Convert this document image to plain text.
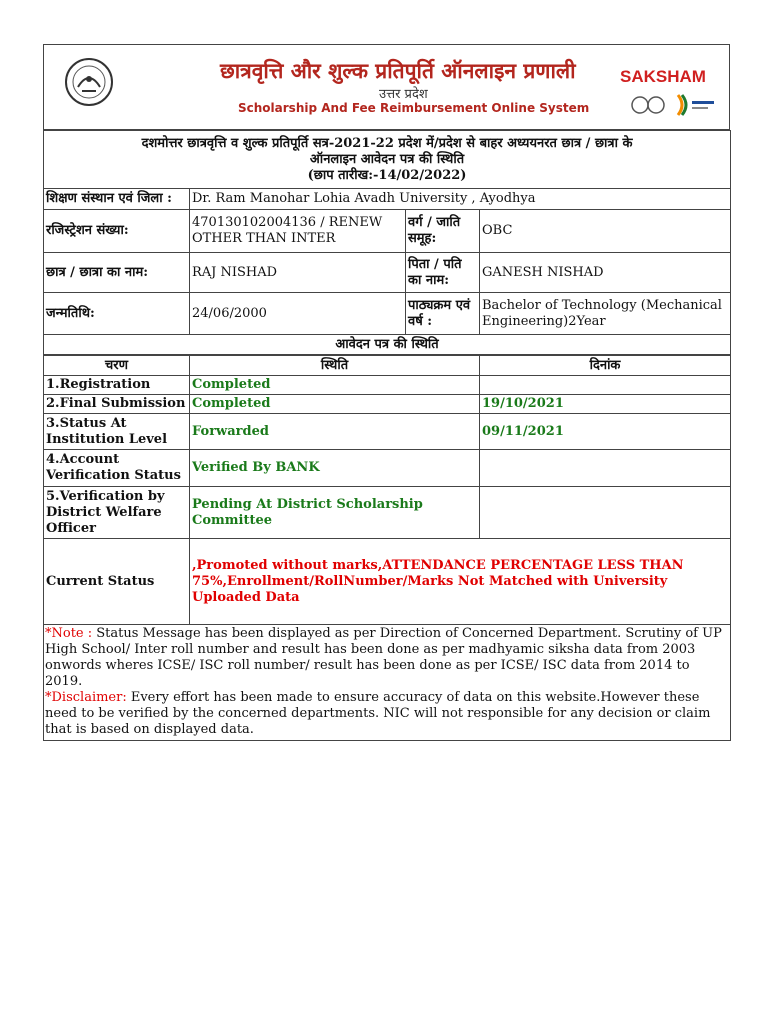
छात्रवृत्ति और शुल्क प्रतिपूर्ति ऑनलाइन प्रणाली
उत्तर प्रदेश
Scholarship And Fee Reimbursement Online System
SAKSHAM
दशमोत्तर छात्रवृत्ति व शुल्क प्रतिपूर्ति सत्र-2021-22 प्रदेश में/प्रदेश से बाहर अध्ययनरत छात्र / छात्रा के
ऑनलाइन आवेदन पत्र की स्थिति
(छाप तारीख:-14/02/2022)			

शिक्षण संस्थान एवं जिला :	Dr. Ram Manohar Lohia Avadh University , Ayodhya		
रजिस्ट्रेशन संख्या:	470130102004136 / RENEW OTHER THAN INTER	वर्ग / जाति समूह:	OBC
छात्र / छात्रा का नाम:	RAJ NISHAD	पिता / पति का नाम:	GANESH NISHAD
जन्मतिथि:	24/06/2000	पाठ्यक्रम एवं वर्ष :	Bachelor of Technology (Mechanical Engineering)2Year
आवेदन पत्र की स्थिति			
चरण	स्थिति	दिनांक
1.Registration	Completed	
2.Final Submission	Completed	19/10/2021
3.Status At Institution Level	Forwarded	09/11/2021
4.Account Verification Status	Verified By BANK	
5.Verification by District Welfare Officer	Pending At District Scholarship Committee	
Current Status	,Promoted without marks,ATTENDANCE PERCENTAGE LESS THAN 75%,Enrollment/RollNumber/Marks Not Matched with University Uploaded Data	
*Note : Status Message has been displayed as per Direction of Concerned Department. Scrutiny of UP High School/ Inter roll number and result has been done as per madhyamic siksha data from 2003 onwords wheres ICSE/ ISC roll number/ result has been done as per ICSE/ ISC data from 2014 to 2019.
*Disclaimer: Every effort has been made to ensure accuracy of data on this website.However these need to be verified by the concerned departments. NIC will not responsible for any decision or claim that is based on displayed data.		
